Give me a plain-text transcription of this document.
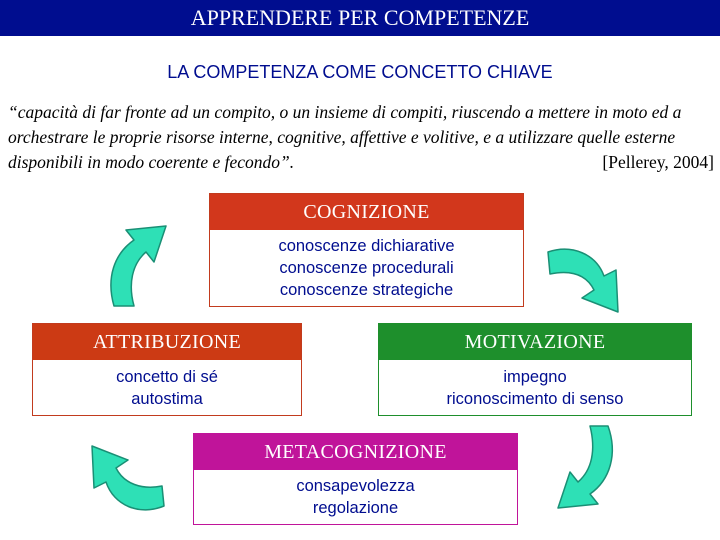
APPRENDERE PER COMPETENZE
LA COMPETENZA COME CONCETTO CHIAVE
“capacità di far fronte ad un compito, o un insieme di compiti, riuscendo a mettere in moto ed a orchestrare le proprie risorse interne, cognitive, affettive e volitive, e a utilizzare quelle esterne disponibili in modo coerente e fecondo”.	[Pellerey, 2004]
COGNIZIONE
conoscenze dichiarative
conoscenze procedurali
conoscenze strategiche
ATTRIBUZIONE
concetto di sé
autostima
MOTIVAZIONE
impegno
riconoscimento di senso
METACOGNIZIONE
consapevolezza
regolazione
